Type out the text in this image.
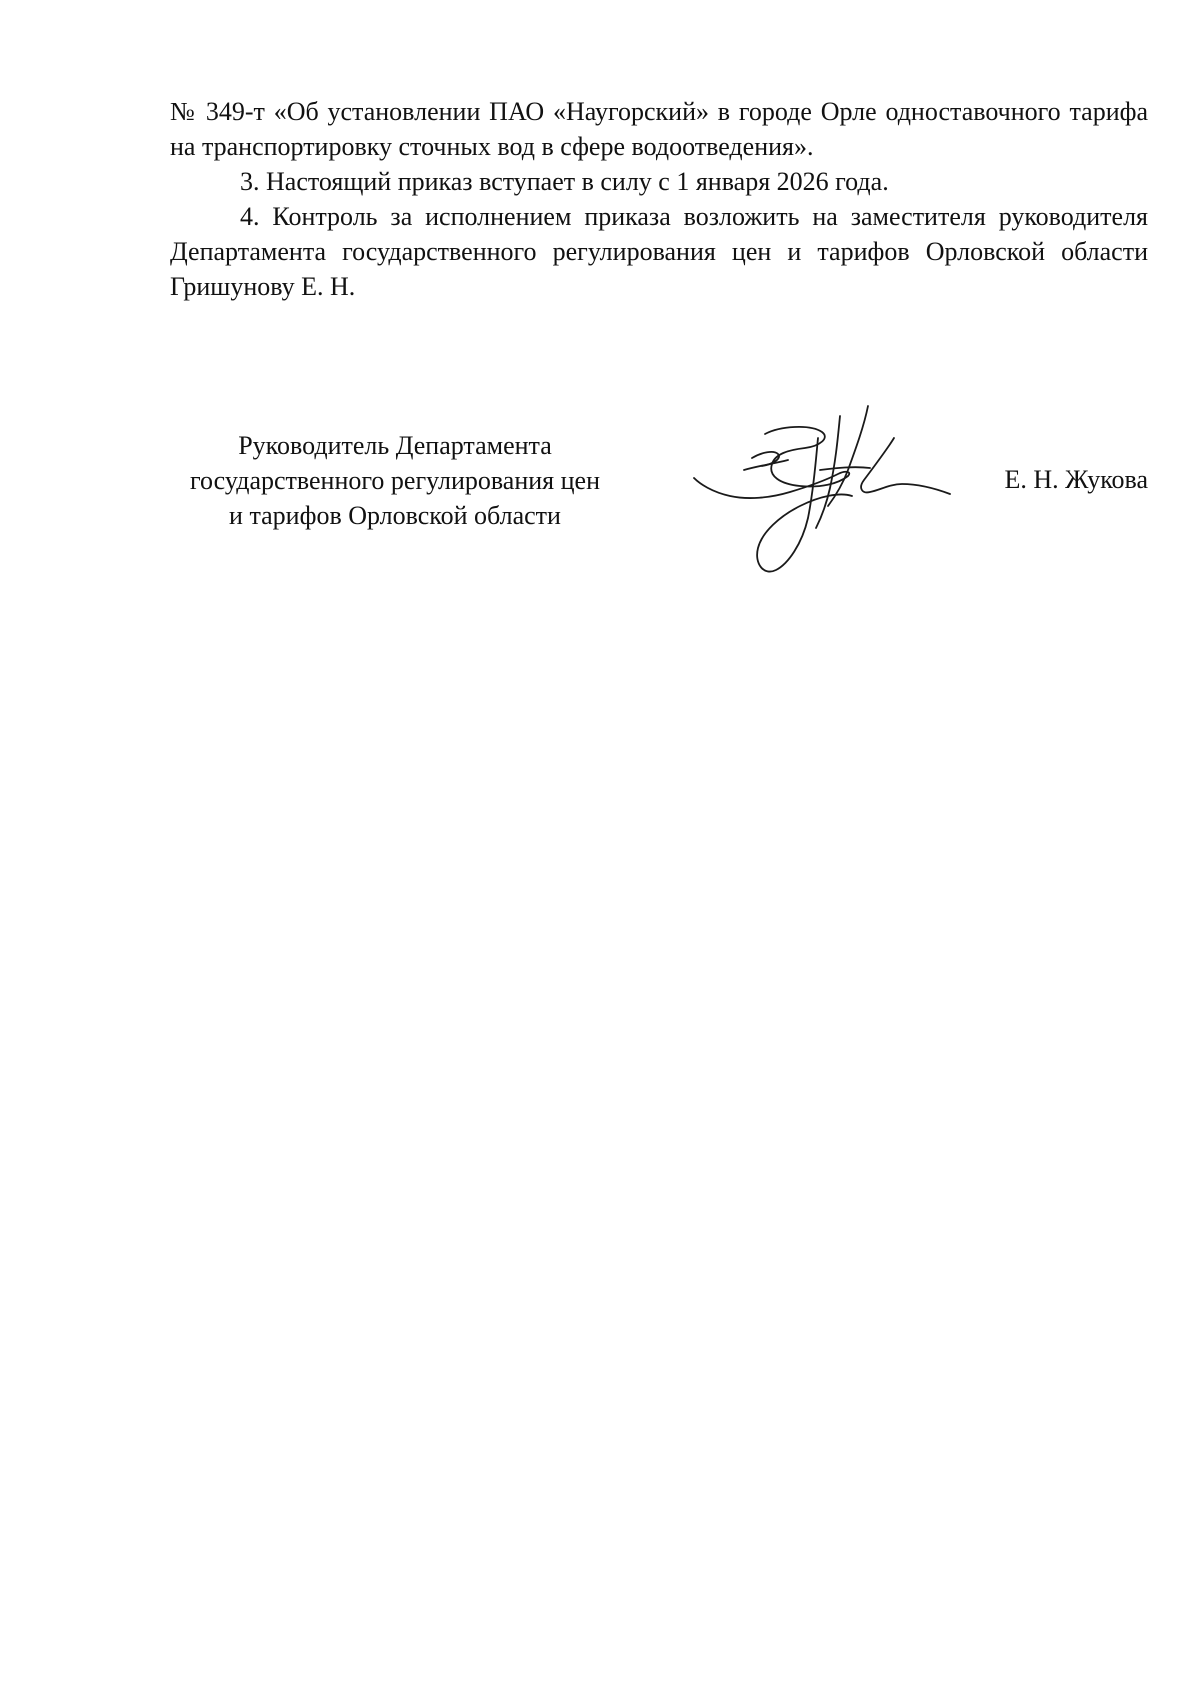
№ 349-т «Об установлении ПАО «Наугорский» в городе Орле одноставочного тарифа на транспортировку сточных вод в сфере водоотведения».

3. Настоящий приказ вступает в силу с 1 января 2026 года.

4. Контроль за исполнением приказа возложить на заместителя руководителя Департамента государственного регулирования цен и тарифов Орловской области Гришунову Е. Н.

Руководитель Департамента
государственного регулирования цен
и тарифов Орловской области
Е. Н. Жукова
